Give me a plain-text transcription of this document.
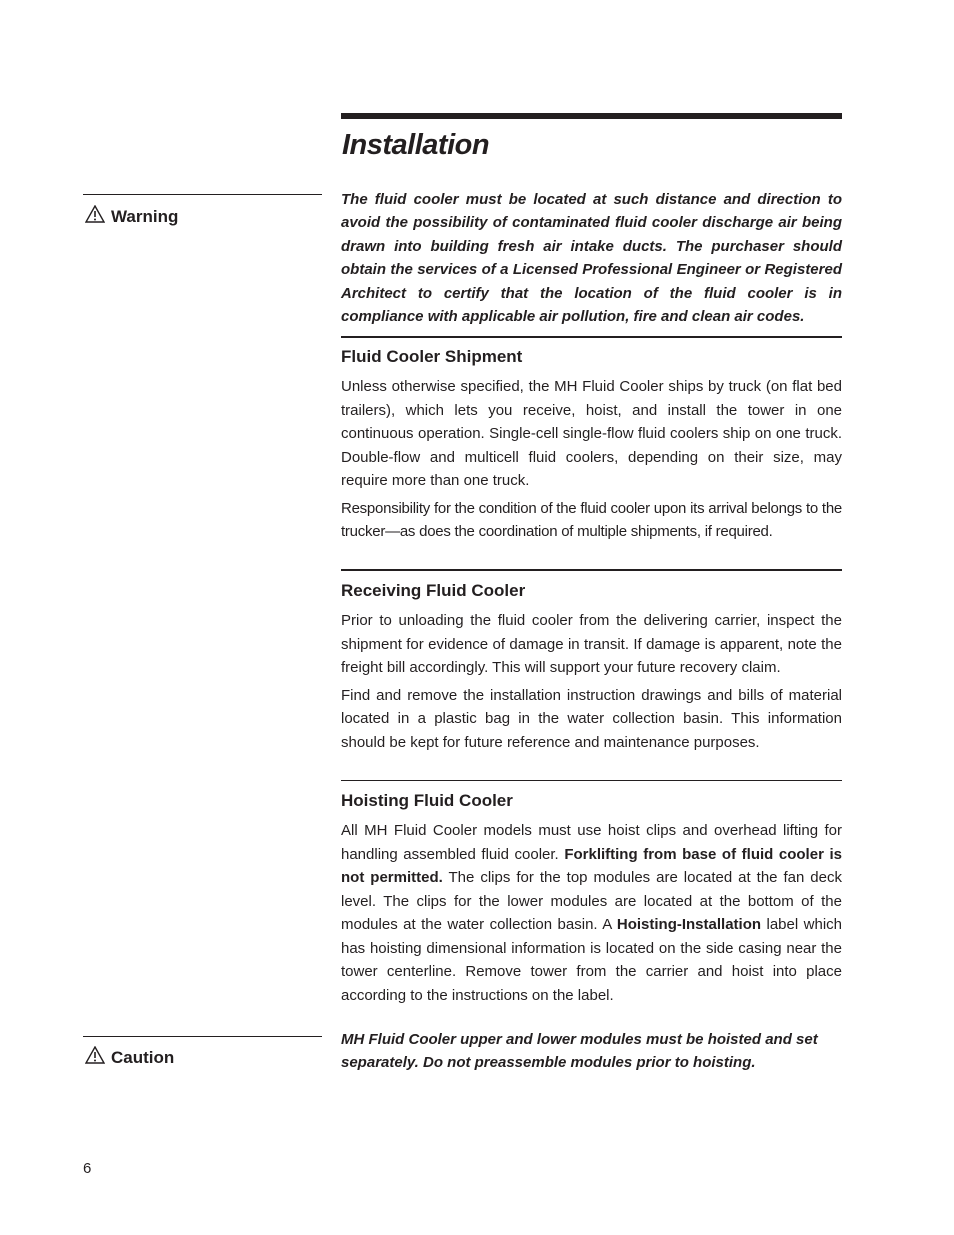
Installation
Warning

The fluid cooler must be located at such distance and direction to avoid the possibility of contaminated fluid cooler discharge air being drawn into building fresh air intake ducts. The purchaser should obtain the services of a Licensed Professional Engineer or Registered Architect to certify that the location of the fluid cooler is in compliance with applicable air pollution, fire and clean air codes.

Fluid Cooler Shipment

Unless otherwise specified, the MH Fluid Cooler ships by truck (on flat bed trailers), which lets you receive, hoist, and install the tower in one continuous operation. Single-cell single-flow fluid coolers ship on one truck. Double-flow and multicell fluid coolers, depending on their size, may require more than one truck.

Responsibility for the condition of the fluid cooler upon its arrival belongs to the trucker—as does the coordination of multiple shipments, if required.

Receiving Fluid Cooler

Prior to unloading the fluid cooler from the delivering carrier, inspect the shipment for evidence of damage in transit. If damage is apparent, note the freight bill accordingly. This will support your future recovery claim.

Find and remove the installation instruction drawings and bills of material located in a plastic bag in the water collection basin. This information should be kept for future reference and maintenance purposes.

Hoisting Fluid Cooler

All MH Fluid Cooler models must use hoist clips and overhead lifting for handling assembled fluid cooler. Forklifting from base of fluid cooler is not permitted. The clips for the top modules are located at the fan deck level. The clips for the lower modules are located at the bottom of the modules at the water collection basin. A Hoisting-Installation label which has hoisting dimensional information is located on the side casing near the tower centerline. Remove tower from the carrier and hoist into place according to the instructions on the label.

Caution

MH Fluid Cooler upper and lower modules must be hoisted and set separately. Do not preassemble modules prior to hoisting.

6
